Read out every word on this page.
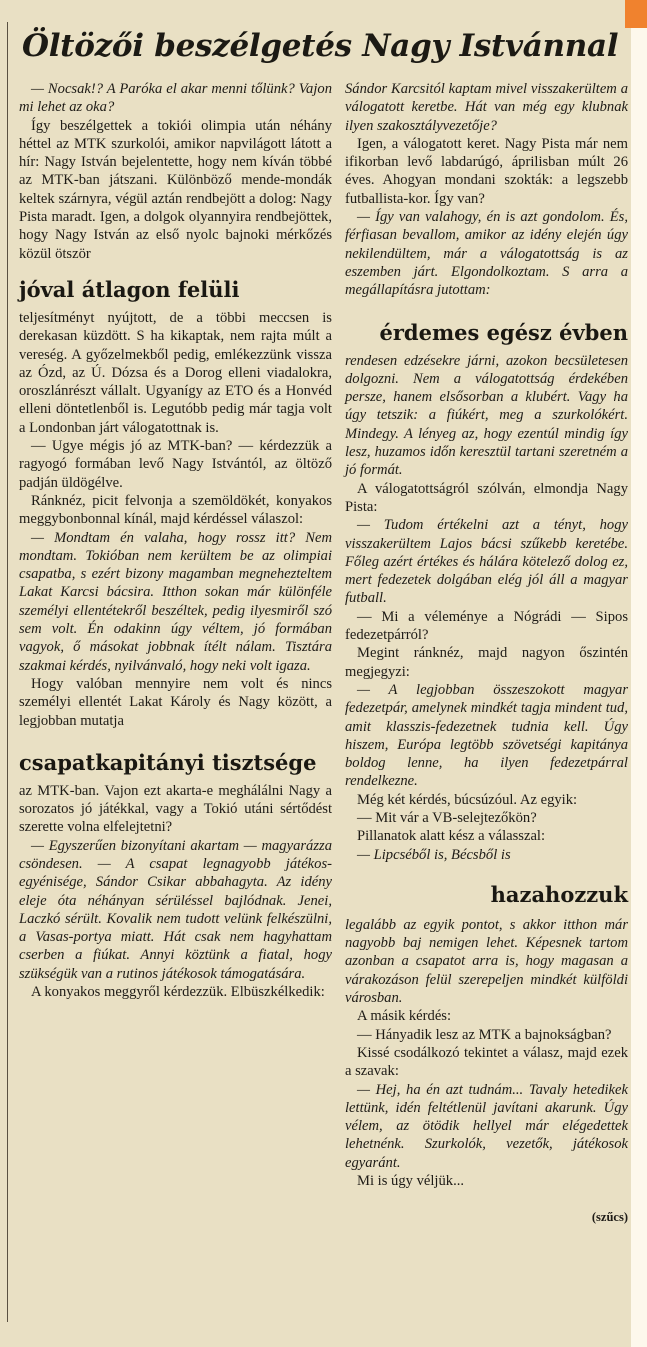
Öltözői beszélgetés Nagy Istvánnal

— Nocsak!? A Paróka el akar menni tőlünk? Vajon mi lehet az oka?

Így beszélgettek a tokiói olimpia után néhány héttel az MTK szurkolói, amikor napvilágott látott a hír: Nagy István bejelentette, hogy nem kíván többé az MTK-ban játszani. Különböző mende-mondák keltek szárnyra, végül aztán rendbejött a dolog: Nagy Pista maradt. Igen, a dolgok olyannyira rendbejöttek, hogy Nagy István az első nyolc bajnoki mérkőzés közül ötször

jóval átlagon felüli

teljesítményt nyújtott, de a többi meccsen is derekasan küzdött. S ha kikaptak, nem rajta múlt a vereség. A győzelmekből pedig, emlékezzünk vissza az Ózd, az Ú. Dózsa és a Dorog elleni viadalokra, oroszlánrészt vállalt. Ugyanígy az ETO és a Honvéd elleni döntetlenből is. Legutóbb pedig már tagja volt a Londonban járt válogatottnak is.

— Ugye mégis jó az MTK-ban? — kérdezzük a ragyogó formában levő Nagy Istvántól, az öltöző padján üldögélve.

Ránknéz, picit felvonja a szemöldökét, konyakos meggybonbonnal kínál, majd kérdéssel válaszol:

— Mondtam én valaha, hogy rossz itt? Nem mondtam. Tokióban nem kerültem be az olimpiai csapatba, s ezért bizony magamban megnehezteltem Lakat Karcsi bácsira. Itthon sokan már különféle személyi ellentétekről beszéltek, pedig ilyesmiről szó sem volt. Én odakinn úgy véltem, jó formában vagyok, ő másokat jobbnak ítélt nálam. Tisztára szakmai kérdés, nyilvánvaló, hogy neki volt igaza.

Hogy valóban mennyire nem volt és nincs személyi ellentét Lakat Károly és Nagy között, a legjobban mutatja

csapatkapitányi tisztsége

az MTK-ban. Vajon ezt akarta-e meghálálni Nagy a sorozatos jó játékkal, vagy a Tokió utáni sértődést szerette volna elfelejtetni?

— Egyszerűen bizonyítani akartam — magyarázza csöndesen. — A csapat legnagyobb játékos-egyénisége, Sándor Csikar abbahagyta. Az idény eleje óta néhányan sérüléssel bajlódnak. Jenei, Laczkó sérült. Kovalik nem tudott velünk felkészülni, a Vasas-portya miatt. Hát csak nem hagyhattam cserben a fiúkat. Annyi köztünk a fiatal, hogy szükségük van a rutinos játékosok támogatására.

A konyakos meggyről kérdezzük. Elbüszkélkedik:

Sándor Karcsitól kaptam mivel visszakerültem a válogatott keretbe. Hát van még egy klubnak ilyen szakosztályvezetője?

Igen, a válogatott keret. Nagy Pista már nem ifikorban levő labdarúgó, áprilisban múlt 26 éves. Ahogyan mondani szokták: a legszebb futballista-kor. Így van?

— Így van valahogy, én is azt gondolom. És, férfiasan bevallom, amikor az idény elején úgy nekilendültem, már a válogatottság is az eszemben járt. Elgondolkoztam. S arra a megállapításra jutottam:

érdemes egész évben

rendesen edzésekre járni, azokon becsületesen dolgozni. Nem a válogatottság érdekében persze, hanem elsősorban a klubért. Vagy ha úgy tetszik: a fiúkért, meg a szurkolókért. Mindegy. A lényeg az, hogy ezentúl mindig így lesz, huzamos időn keresztül tartani szeretném a jó formát.

A válogatottságról szólván, elmondja Nagy Pista:

— Tudom értékelni azt a tényt, hogy visszakerültem Lajos bácsi szűkebb keretébe. Főleg azért értékes és hálára kötelező dolog ez, mert fedezetek dolgában elég jól áll a magyar futball.

— Mi a véleménye a Nógrádi — Sipos fedezetpárról?

Megint ránknéz, majd nagyon őszintén megjegyzi:

— A legjobban összeszokott magyar fedezetpár, amelynek mindkét tagja mindent tud, amit klasszis-fedezetnek tudnia kell. Úgy hiszem, Európa legtöbb szövetségi kapitánya boldog lenne, ha ilyen fedezetpárral rendelkezne.

Még két kérdés, búcsúzóul. Az egyik:

— Mit vár a VB-selejtezőkön?

Pillanatok alatt kész a válasszal:

— Lipcséből is, Bécsből is

hazahozzuk

legalább az egyik pontot, s akkor itthon már nagyobb baj nemigen lehet. Képesnek tartom azonban a csapatot arra is, hogy magasan a várakozáson felül szerepeljen mindkét külföldi városban.

A másik kérdés:

— Hányadik lesz az MTK a bajnokságban?

Kissé csodálkozó tekintet a válasz, majd ezek a szavak:

— Hej, ha én azt tudnám... Tavaly hetedikek lettünk, idén feltétlenül javítani akarunk. Úgy vélem, az ötödik hellyel már elégedettek lehetnénk. Szurkolók, vezetők, játékosok egyaránt.

Mi is úgy véljük...

(szűcs)
